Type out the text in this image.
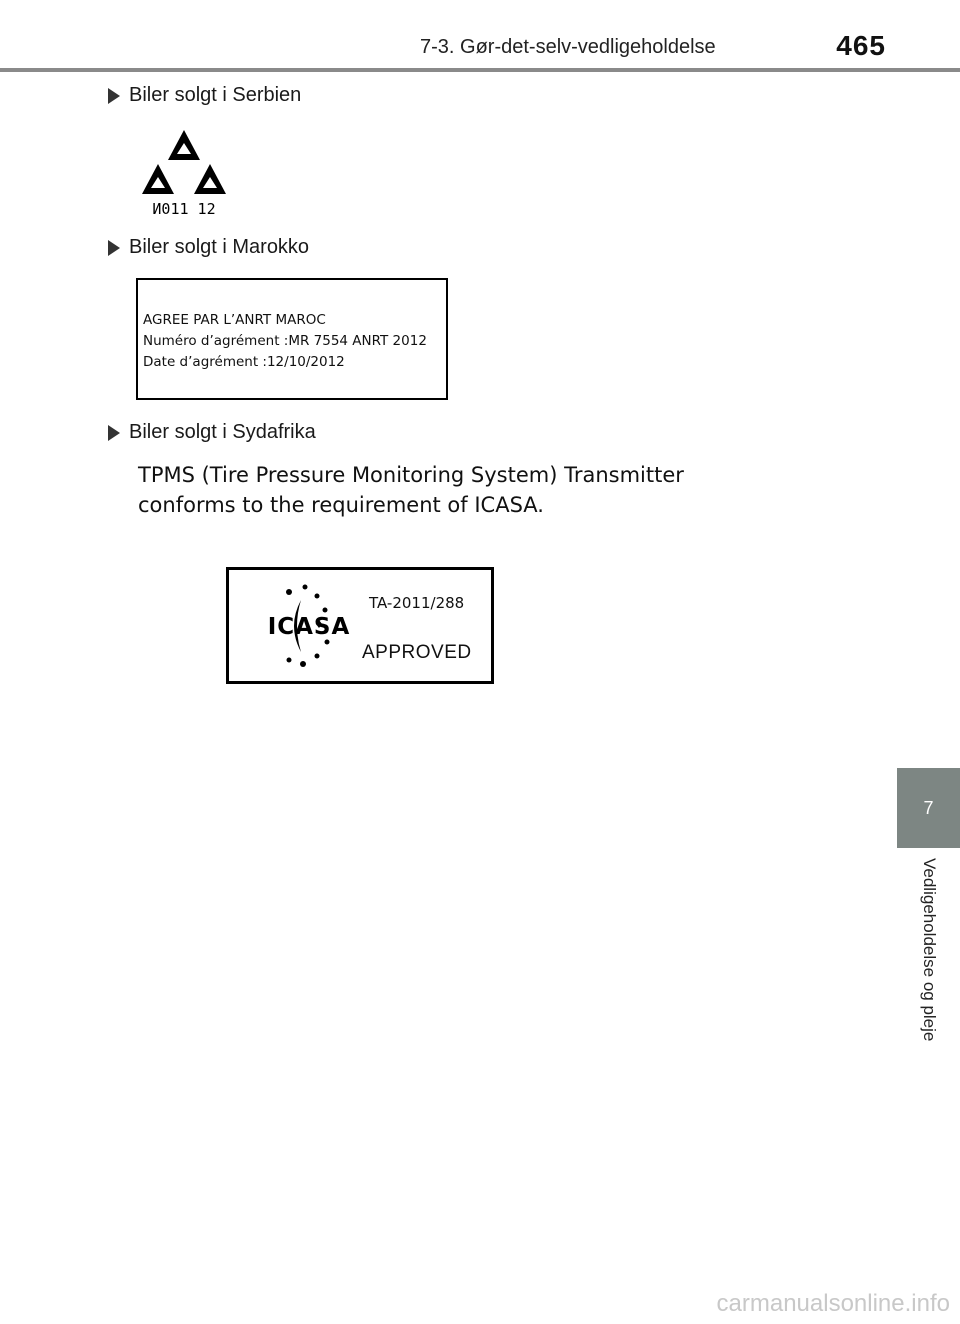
7-3. Gør-det-selv-vedligeholdelse	465
Biler solgt i Serbien
И011 12
Biler solgt i Marokko
AGREE PAR L’ANRT MAROC
Numéro d’agrément :MR 7554 ANRT 2012
Date d’agrément :12/10/2012
Biler solgt i Sydafrika
TPMS (Tire Pressure Monitoring System) Transmitter
conforms to the requirement of ICASA.
ICASA
TA-2011/288
APPROVED
7
Vedligeholdelse og pleje
carmanualsonline.info
